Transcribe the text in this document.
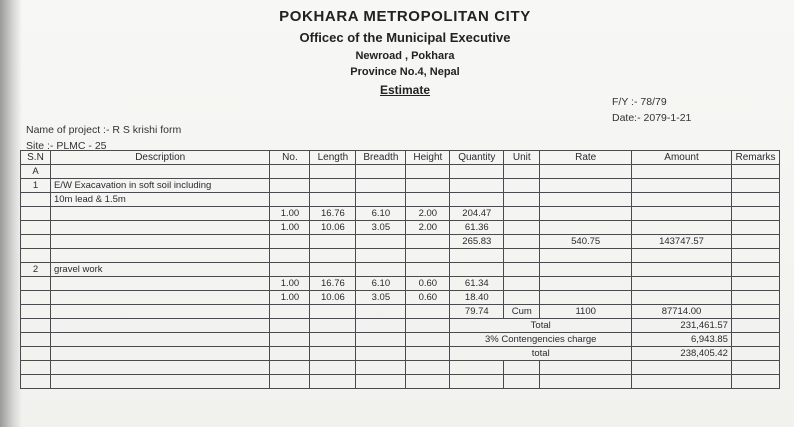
POKHARA METROPOLITAN CITY
Officec of the Municipal Executive
Newroad , Pokhara
Province No.4, Nepal
Estimate
F/Y :- 78/79
Date:- 2079-1-21
Name of project :- R S krishi form
Site :- PLMC - 25
S.N	Description	No.	Length	Breadth	Height	Quantity	Unit	Rate	Amount	Remarks
A										
1	E/W Exacavation in soft soil including									
	10m lead & 1.5m									
		1.00	16.76	6.10	2.00	204.47				
		1.00	10.06	3.05	2.00	61.36				
						265.83		540.75	143747.57	

2	gravel work									
		1.00	16.76	6.10	0.60	61.34				
		1.00	10.06	3.05	0.60	18.40				
						79.74	Cum	1100	87714.00	
						Total			231,461.57	
						3% Contengencies charge			6,943.85	
						total			238,405.42	
